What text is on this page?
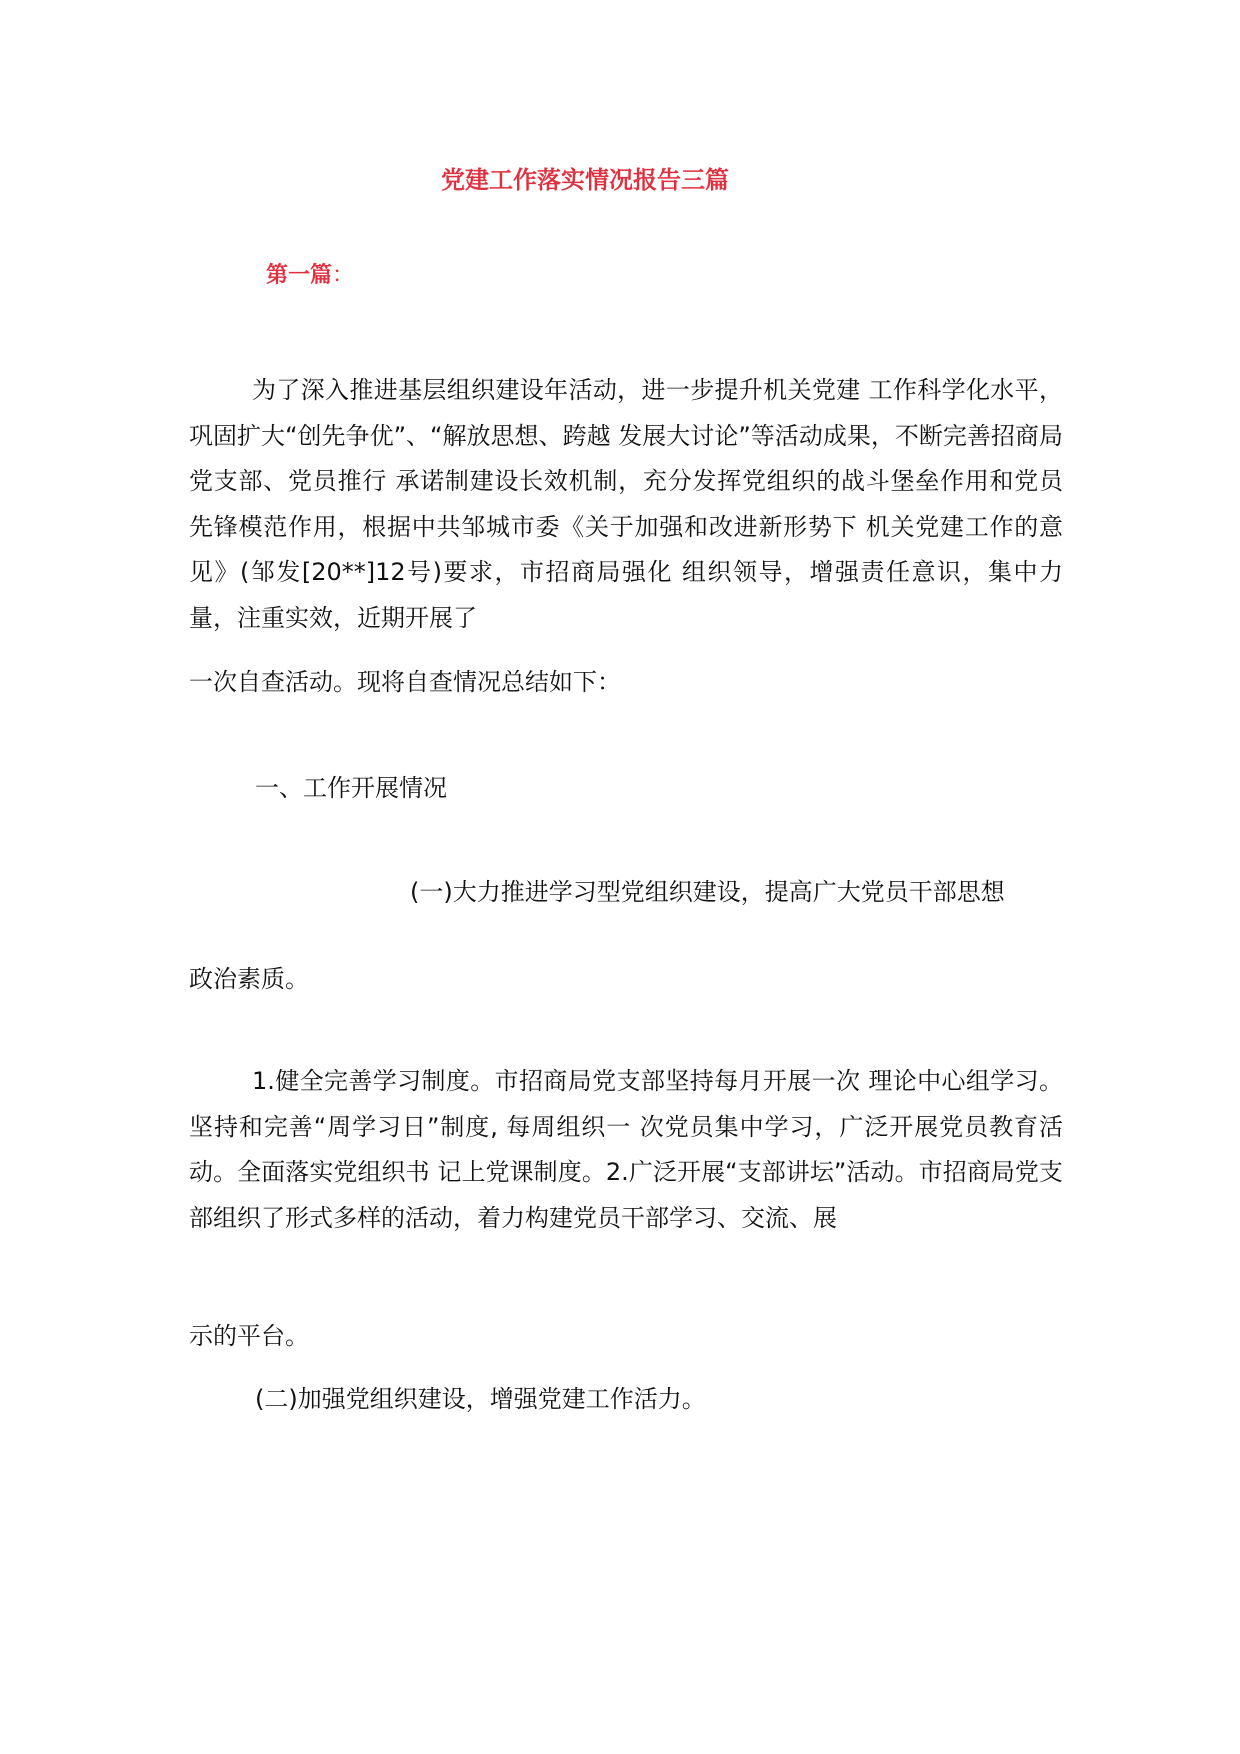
党建工作落实情况报告三篇
第一篇：

为了深入推进基层组织建设年活动，进一步提升机关党建 工作科学化水平，巩固扩大“创先争优”、“解放思想、跨越 发展大讨论”等活动成果，不断完善招商局党支部、党员推行 承诺制建设长效机制，充分发挥党组织的战斗堡垒作用和党员 先锋模范作用，根据中共邹城市委《关于加强和改进新形势下 机关党建工作的意见》(邹发[20**]12号)要求，市招商局强化 组织领导，增强责任意识，集中力量，注重实效，近期开展了

一次自查活动。现将自查情况总结如下：

一、工作开展情况

(一)大力推进学习型党组织建设，提高广大党员干部思想

政治素质。

1.健全完善学习制度。市招商局党支部坚持每月开展一次 理论中心组学习。坚持和完善“周学习日”制度, 每周组织一 次党员集中学习，广泛开展党员教育活动。全面落实党组织书 记上党课制度。2.广泛开展“支部讲坛”活动。市招商局党支 部组织了形式多样的活动，着力构建党员干部学习、交流、展

示的平台。

(二)加强党组织建设，增强党建工作活力。
